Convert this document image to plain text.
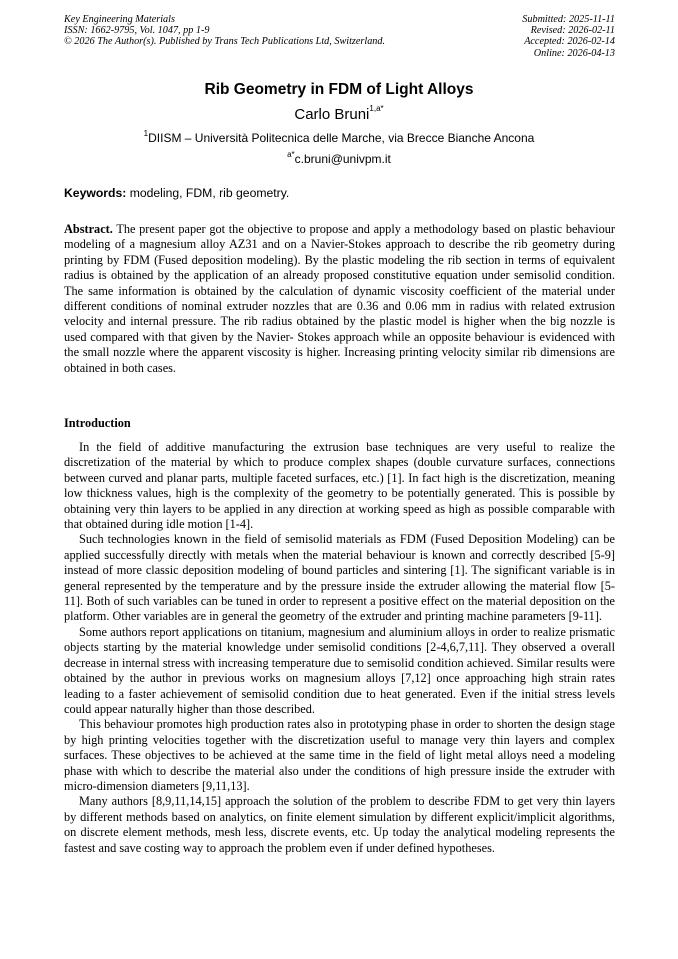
Key Engineering Materials
ISSN: 1662-9795, Vol. 1047, pp 1-9
© 2026 The Author(s). Published by Trans Tech Publications Ltd, Switzerland.
Submitted: 2025-11-11
Revised: 2026-02-11
Accepted: 2026-02-14
Online: 2026-04-13
Rib Geometry in FDM of Light Alloys
Carlo Bruni$^{1,a*}$
$^1$DIISM – Università Politecnica delle Marche, via Brecce Bianche Ancona
$^{a*}$c.bruni@univpm.it
Keywords: modeling, FDM, rib geometry.
Abstract. The present paper got the objective to propose and apply a methodology based on plastic behaviour modeling of a magnesium alloy AZ31 and on a Navier-Stokes approach to describe the rib geometry during printing by FDM (Fused deposition modeling). By the plastic modeling the rib section in terms of equivalent radius is obtained by the application of an already proposed constitutive equation under semisolid condition. The same information is obtained by the calculation of dynamic viscosity coefficient of the material under different conditions of nominal extruder nozzles that are 0.36 and 0.06 mm in radius with related extrusion velocity and internal pressure. The rib radius obtained by the plastic model is higher when the big nozzle is used compared with that given by the Navier- Stokes approach while an opposite behaviour is evidenced with the small nozzle where the apparent viscosity is higher. Increasing printing velocity similar rib dimensions are obtained in both cases.
Introduction

In the field of additive manufacturing the extrusion base techniques are very useful to realize the discretization of the material by which to produce complex shapes (double curvature surfaces, connections between curved and planar parts, multiple faceted surfaces, etc.) [1]. In fact high is the discretization, meaning low thickness values, high is the complexity of the geometry to be potentially generated. This is possible by obtaining very thin layers to be applied in any direction at working speed as high as possible comparable with that obtained during idle motion [1-4].

Such technologies known in the field of semisolid materials as FDM (Fused Deposition Modeling) can be applied successfully directly with metals when the material behaviour is known and correctly described [5-9] instead of more classic deposition modeling of bound particles and sintering [1]. The significant variable is in general represented by the temperature and by the pressure inside the extruder allowing the material flow [5-11]. Both of such variables can be tuned in order to represent a positive effect on the material deposition on the platform. Other variables are in general the geometry of the extruder and printing machine parameters [9-11].

Some authors report applications on titanium, magnesium and aluminium alloys in order to realize prismatic objects starting by the material knowledge under semisolid conditions [2-4,6,7,11]. They observed a overall decrease in internal stress with increasing temperature due to semisolid condition achieved. Similar results were obtained by the author in previous works on magnesium alloys [7,12] once approaching high strain rates leading to a faster achievement of semisolid condition due to heat generated. Even if the initial stress levels could appear naturally higher than those described.

This behaviour promotes high production rates also in prototyping phase in order to shorten the design stage by high printing velocities together with the discretization useful to manage very thin layers and complex surfaces. These objectives to be achieved at the same time in the field of light metal alloys need a modeling phase with which to describe the material also under the conditions of high pressure inside the extruder with micro-dimension diameters [9,11,13].

Many authors [8,9,11,14,15] approach the solution of the problem to describe FDM to get very thin layers by different methods based on analytics, on finite element simulation by different explicit/implicit algorithms, on discrete element methods, mesh less, discrete events, etc. Up today the analytical modeling represents the fastest and save costing way to approach the problem even if under defined hypotheses.
